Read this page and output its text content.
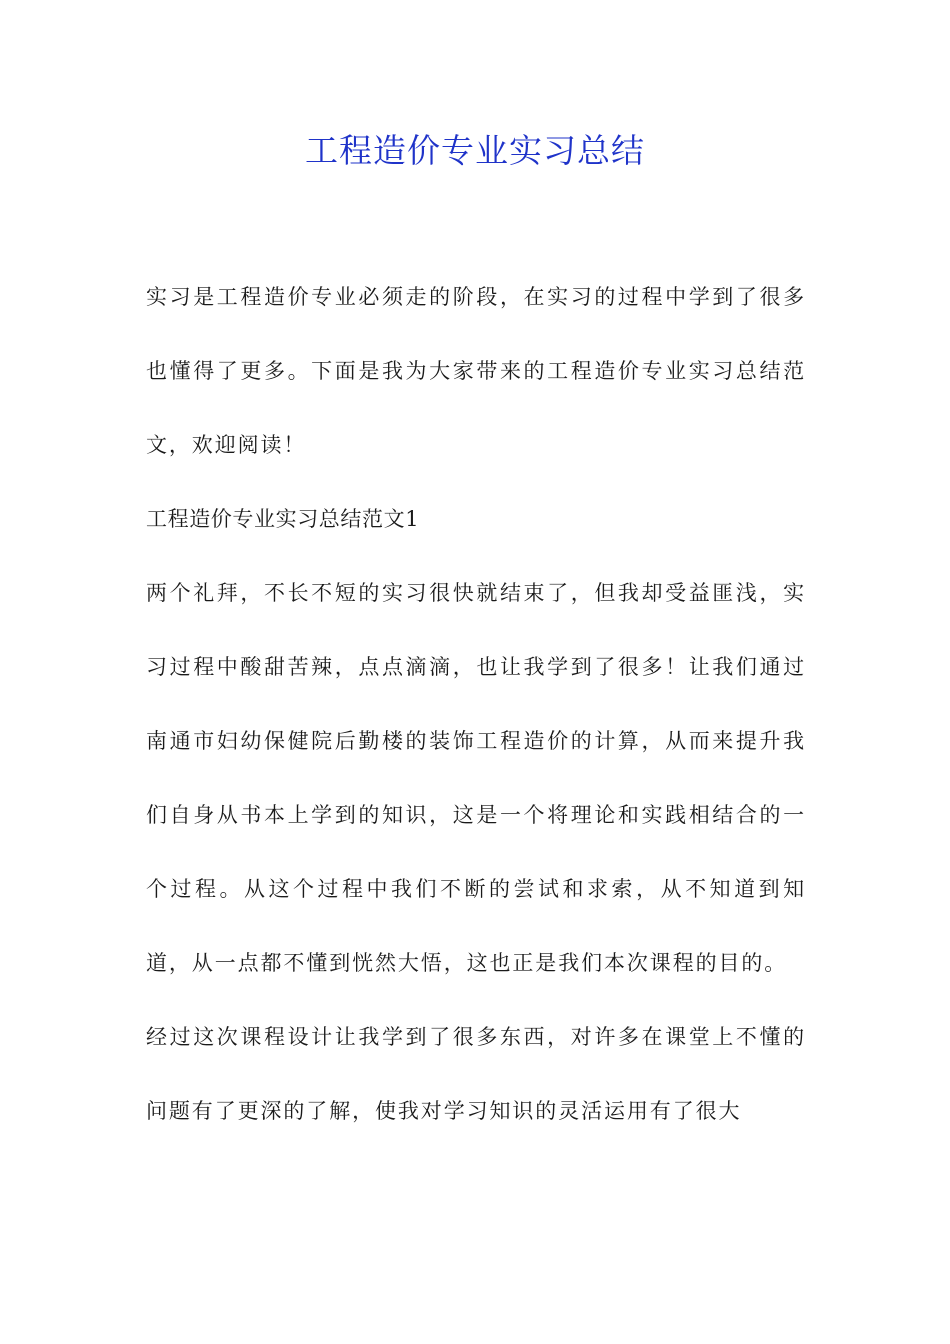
工程造价专业实习总结

实习是工程造价专业必须走的阶段，在实习的过程中学到了很多也懂得了更多。下面是我为大家带来的工程造价专业实习总结范文，欢迎阅读！

工程造价专业实习总结范文1

两个礼拜，不长不短的实习很快就结束了，但我却受益匪浅，实习过程中酸甜苦辣，点点滴滴，也让我学到了很多！让我们通过南通市妇幼保健院后勤楼的装饰工程造价的计算，从而来提升我们自身从书本上学到的知识，这是一个将理论和实践相结合的一个过程。从这个过程中我们不断的尝试和求索，从不知道到知道，从一点都不懂到恍然大悟，这也正是我们本次课程的目的。

经过这次课程设计让我学到了很多东西，对许多在课堂上不懂的问题有了更深的了解，使我对学习知识的灵活运用有了很大
